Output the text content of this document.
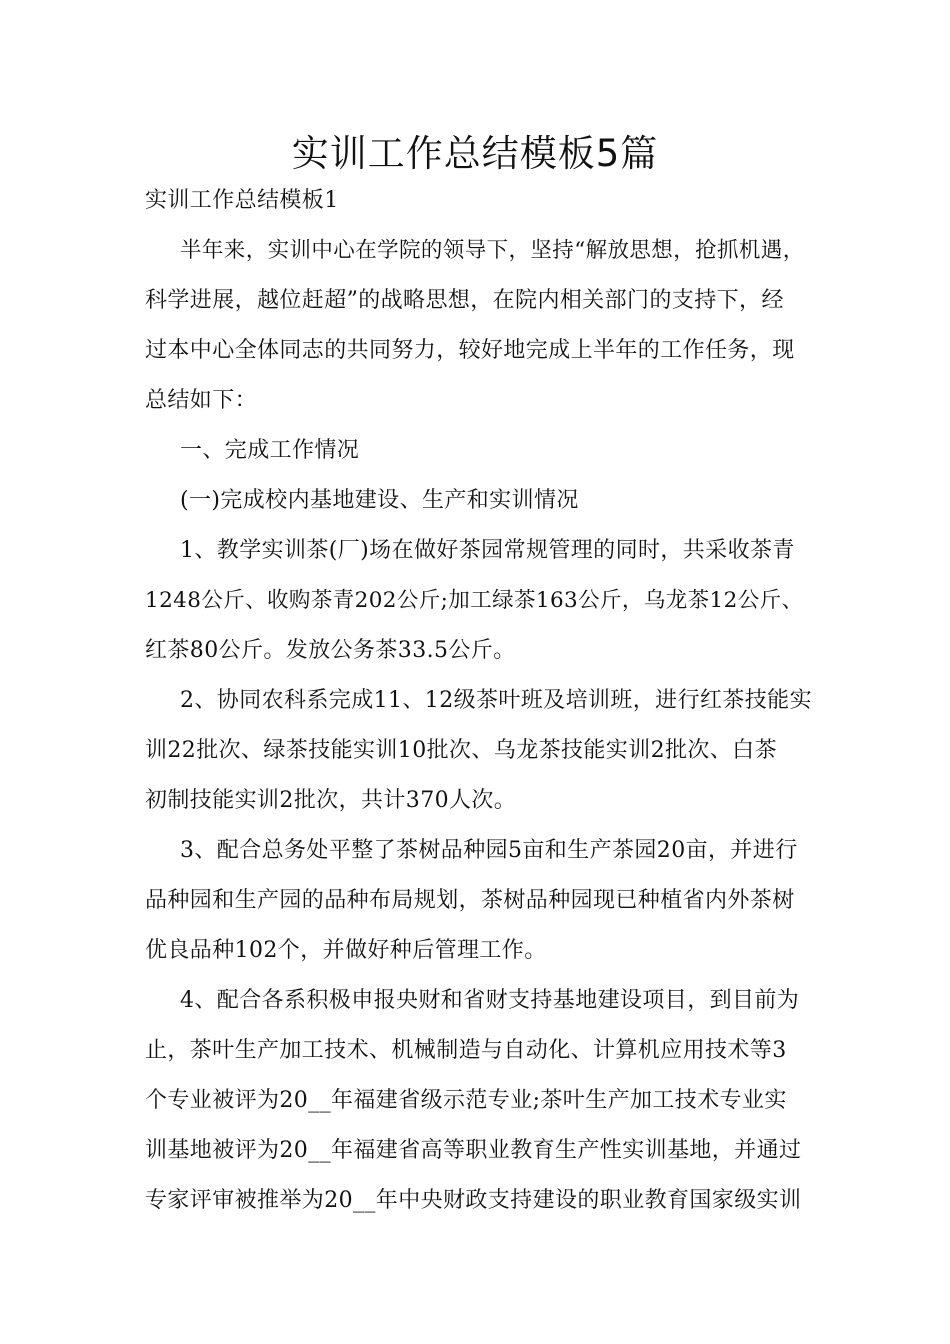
实训工作总结模板5篇
实训工作总结模板1
半年来，实训中心在学院的领导下，坚持“解放思想，抢抓机遇，
科学进展，越位赶超”的战略思想，在院内相关部门的支持下，经
过本中心全体同志的共同努力，较好地完成上半年的工作任务，现
总结如下：
一、完成工作情况
(一)完成校内基地建设、生产和实训情况
1、教学实训茶(厂)场在做好茶园常规管理的同时，共采收茶青
1248公斤、收购茶青202公斤;加工绿茶163公斤，乌龙茶12公斤、
红茶80公斤。发放公务茶33.5公斤。
2、协同农科系完成11、12级茶叶班及培训班，进行红茶技能实
训22批次、绿茶技能实训10批次、乌龙茶技能实训2批次、白茶
初制技能实训2批次，共计370人次。
3、配合总务处平整了茶树品种园5亩和生产茶园20亩，并进行
品种园和生产园的品种布局规划，茶树品种园现已种植省内外茶树
优良品种102个，并做好种后管理工作。
4、配合各系积极申报央财和省财支持基地建设项目，到目前为
止，茶叶生产加工技术、机械制造与自动化、计算机应用技术等3
个专业被评为20__年福建省级示范专业;茶叶生产加工技术专业实
训基地被评为20__年福建省高等职业教育生产性实训基地，并通过
专家评审被推举为20__年中央财政支持建设的职业教育国家级实训
